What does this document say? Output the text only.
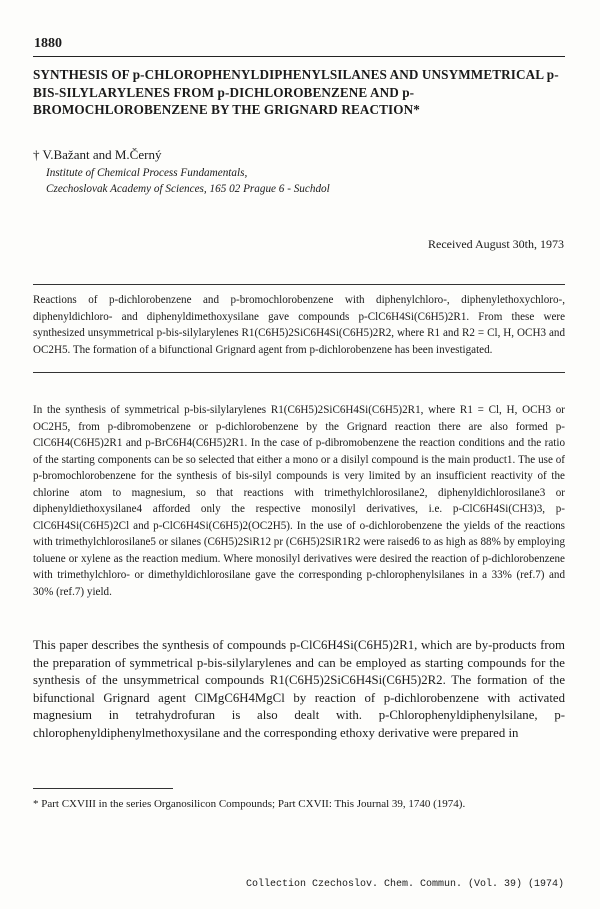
1880
SYNTHESIS OF p-CHLOROPHENYLDIPHENYLSILANES AND UNSYMMETRICAL p-BIS-SILYLARYLENES FROM p-DICHLOROBENZENE AND p-BROMOCHLOROBENZENE BY THE GRIGNARD REACTION*
† V.Bažant and M.Černý
Institute of Chemical Process Fundamentals,
Czechoslovak Academy of Sciences, 165 02 Prague 6 - Suchdol
Received August 30th, 1973

Reactions of p-dichlorobenzene and p-bromochlorobenzene with diphenylchloro-, diphenylethoxychloro-, diphenyldichloro- and diphenyldimethoxysilane gave compounds p-ClC6H4Si(C6H5)2R1. From these were synthesized unsymmetrical p-bis-silylarylenes R1(C6H5)2SiC6H4Si(C6H5)2R2, where R1 and R2 = Cl, H, OCH3 and OC2H5. The formation of a bifunctional Grignard agent from p-dichlorobenzene has been investigated.

In the synthesis of symmetrical p-bis-silylarylenes R1(C6H5)2SiC6H4Si(C6H5)2R1, where R1 = Cl, H, OCH3 or OC2H5, from p-dibromobenzene or p-dichlorobenzene by the Grignard reaction there are also formed p-ClC6H4(C6H5)2R1 and p-BrC6H4(C6H5)2R1. In the case of p-dibromobenzene the reaction conditions and the ratio of the starting components can be so selected that either a mono or a disilyl compound is the main product1. The use of p-bromochlorobenzene for the synthesis of bis-silyl compounds is very limited by an insufficient reactivity of the chlorine atom to magnesium, so that reactions with trimethylchlorosilane2, diphenyldichlorosilane3 or diphenyldiethoxysilane4 afforded only the respective monosilyl derivatives, i.e. p-ClC6H4Si(CH3)3, p-ClC6H4Si(C6H5)2Cl and p-ClC6H4Si(C6H5)2(OC2H5). In the use of o-dichlorobenzene the yields of the reactions with trimethylchlorosilane5 or silanes (C6H5)2SiR12 pr (C6H5)2SiR1R2 were raised6 to as high as 88% by employing toluene or xylene as the reaction medium. Where monosilyl derivatives were desired the reaction of p-dichlorobenzene with trimethylchloro- or dimethyldichlorosilane gave the corresponding p-chlorophenylsilanes in a 33% (ref.7) and 30% (ref.7) yield.

This paper describes the synthesis of compounds p-ClC6H4Si(C6H5)2R1, which are by-products from the preparation of symmetrical p-bis-silylarylenes and can be employed as starting compounds for the synthesis of the unsymmetrical compounds R1(C6H5)2SiC6H4Si(C6H5)2R2. The formation of the bifunctional Grignard agent ClMgC6H4MgCl by reaction of p-dichlorobenzene with activated magnesium in tetrahydrofuran is also dealt with. p-Chlorophenyldiphenylsilane, p-chlorophenyldiphenylmethoxysilane and the corresponding ethoxy derivative were prepared in

* Part CXVIII in the series Organosilicon Compounds; Part CXVII: This Journal 39, 1740 (1974).

Collection Czechoslov. Chem. Commun. (Vol. 39) (1974)
